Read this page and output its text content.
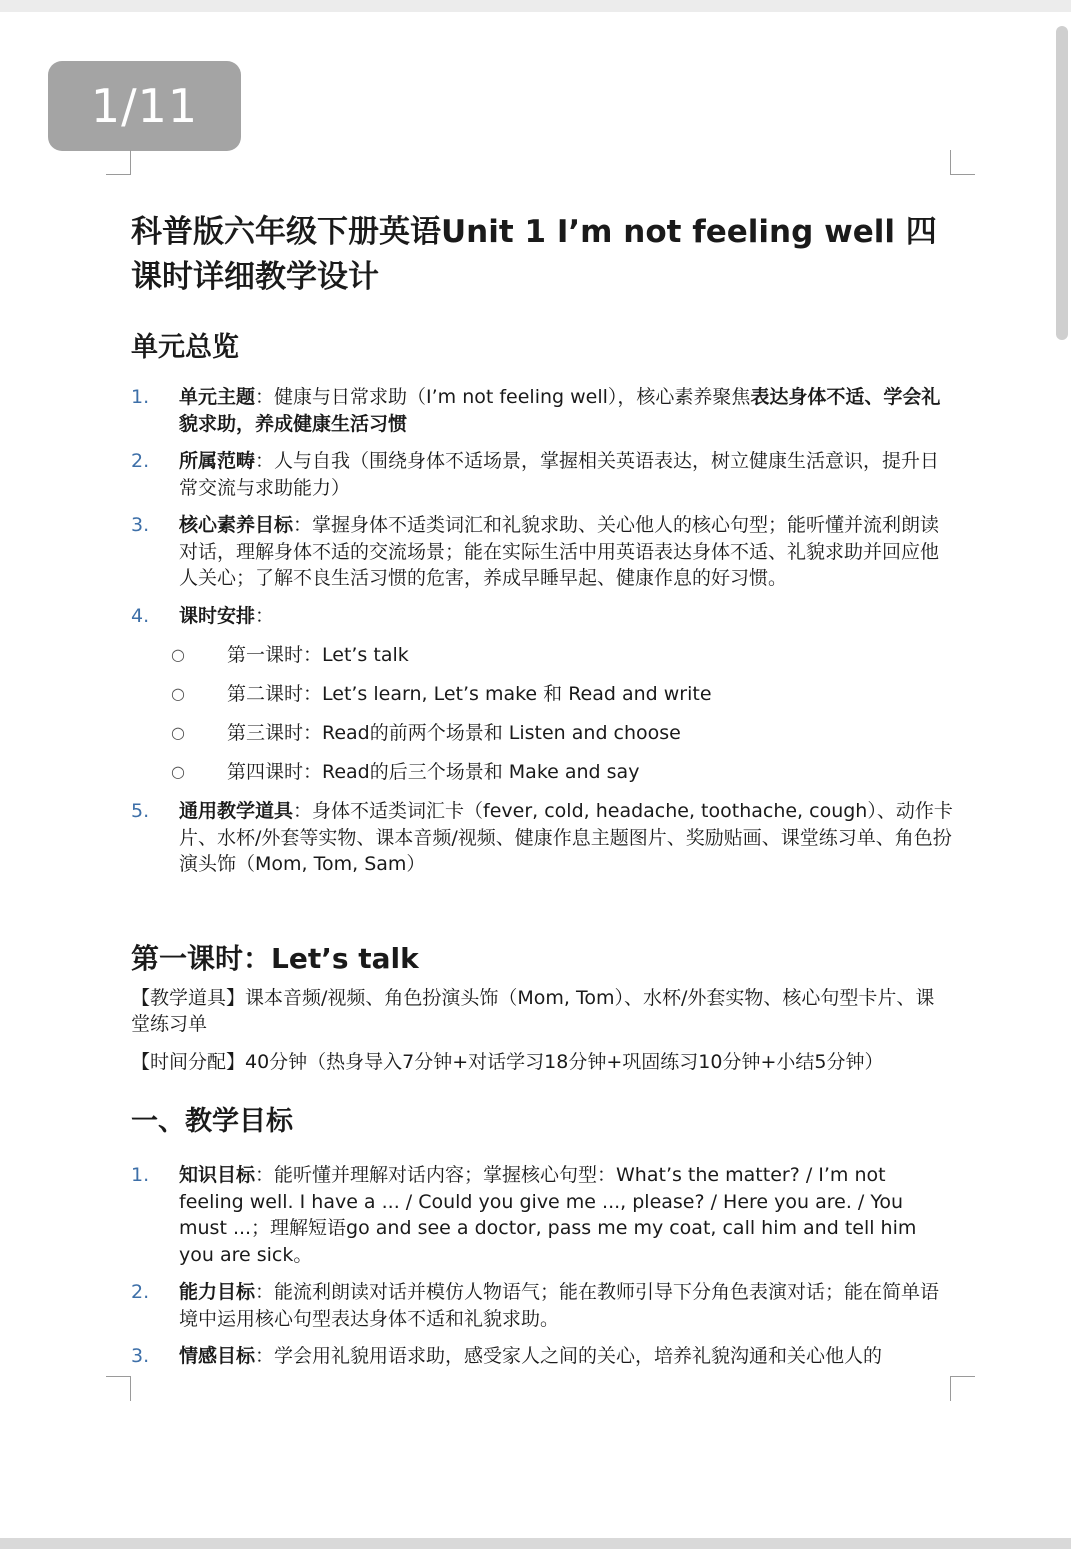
1/11
科普版六年级下册英语Unit 1 I’m not feeling well 四课时详细教学设计
单元总览
1.	单元主题：健康与日常求助（I’m not feeling well），核心素养聚焦表达身体不适、学会礼貌求助，养成健康生活习惯
2.	所属范畴：人与自我（围绕身体不适场景，掌握相关英语表达，树立健康生活意识，提升日常交流与求助能力）
3.	核心素养目标：掌握身体不适类词汇和礼貌求助、关心他人的核心句型；能听懂并流利朗读对话，理解身体不适的交流场景；能在实际生活中用英语表达身体不适、礼貌求助并回应他人关心；了解不良生活习惯的危害，养成早睡早起、健康作息的好习惯。
4.	课时安排：
○	第一课时：Let’s talk
○	第二课时：Let’s learn, Let’s make 和 Read and write
○	第三课时：Read的前两个场景和 Listen and choose
○	第四课时：Read的后三个场景和 Make and say
5.	通用教学道具：身体不适类词汇卡（fever, cold, headache, toothache, cough）、动作卡片、水杯/外套等实物、课本音频/视频、健康作息主题图片、奖励贴画、课堂练习单、角色扮演头饰（Mom, Tom, Sam）
第一课时：Let’s talk
【教学道具】课本音频/视频、角色扮演头饰（Mom, Tom）、水杯/外套实物、核心句型卡片、课堂练习单
【时间分配】40分钟（热身导入7分钟+对话学习18分钟+巩固练习10分钟+小结5分钟）
一、教学目标
1.	知识目标：能听懂并理解对话内容；掌握核心句型：What’s the matter? / I’m not feeling well. I have a ... / Could you give me ..., please? / Here you are. / You must ...；理解短语go and see a doctor, pass me my coat, call him and tell him you are sick。
2.	能力目标：能流利朗读对话并模仿人物语气；能在教师引导下分角色表演对话；能在简单语境中运用核心句型表达身体不适和礼貌求助。
3.	情感目标：学会用礼貌用语求助，感受家人之间的关心，培养礼貌沟通和关心他人的
